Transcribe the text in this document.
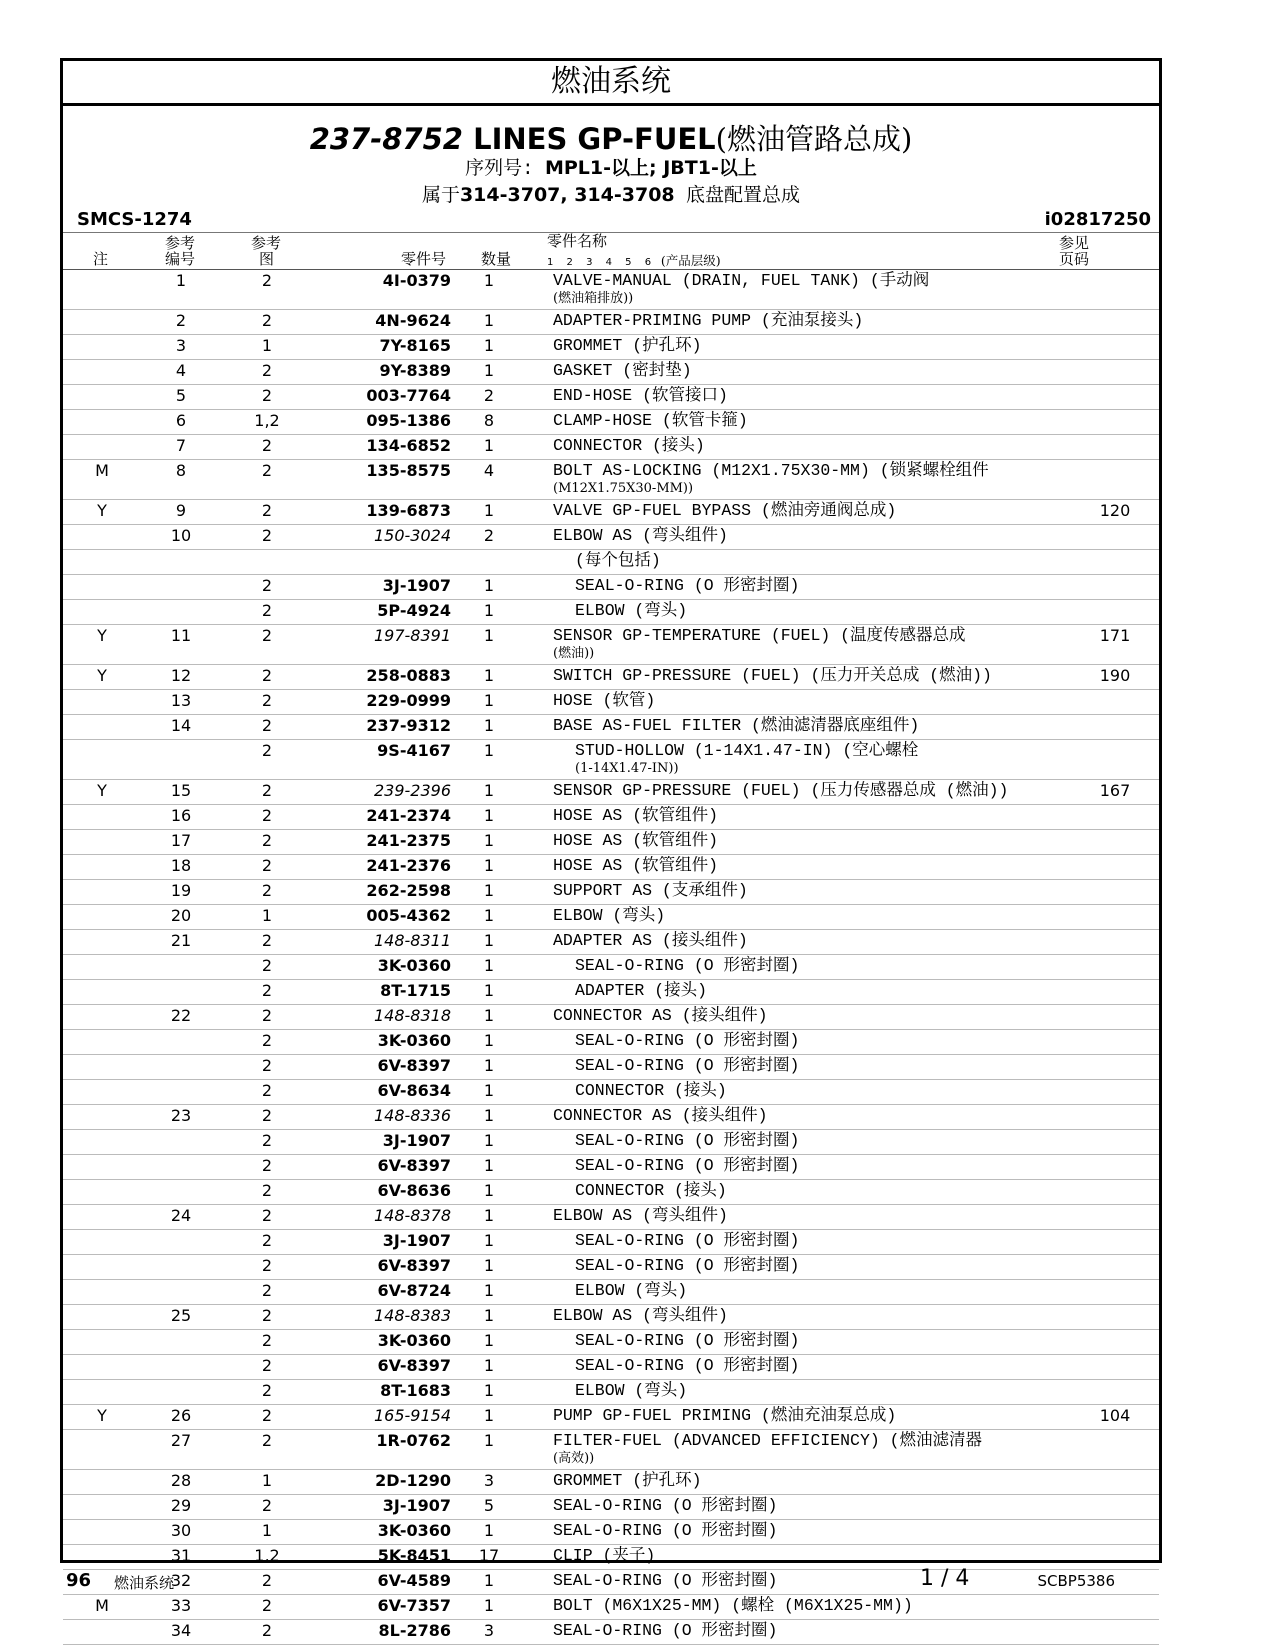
燃油系统
237-8752 LINES GP-FUEL(燃油管路总成)
序列号: MPL1-以上; JBT1-以上
属于314-3707, 314-3708 底盘配置总成
SMCS-1274	i02817250
注
参考
编号
参考
图	零件号 数量
零件名称
1 2 3 4 5 6 (产品层级)
参见
页码
	1	2	4I-0379	1	VALVE-MANUAL (DRAIN, FUEL TANK) (手动阀
(燃油箱排放))	

	2	2	4N-9624	1	ADAPTER-PRIMING PUMP (充油泵接头)	

	3	1	7Y-8165	1	GROMMET (护孔环)	

	4	2	9Y-8389	1	GASKET (密封垫)	

	5	2	003-7764	2	END-HOSE (软管接口)	

	6	1,2	095-1386	8	CLAMP-HOSE (软管卡箍)	

	7	2	134-6852	1	CONNECTOR (接头)	

M	8	2	135-8575	4	BOLT AS-LOCKING (M12X1.75X30-MM) (锁紧螺栓组件
(M12X1.75X30-MM))	

Y	9	2	139-6873	1	VALVE GP-FUEL BYPASS (燃油旁通阀总成)	120
	10	2	150-3024	2	ELBOW AS (弯头组件)	

					(每个包括)	

		2	3J-1907	1	SEAL-O-RING (O 形密封圈)	

		2	5P-4924	1	ELBOW (弯头)	

Y	11	2	197-8391	1	SENSOR GP-TEMPERATURE (FUEL) (温度传感器总成
(燃油))	171
Y	12	2	258-0883	1	SWITCH GP-PRESSURE (FUEL) (压力开关总成 (燃油))	190
	13	2	229-0999	1	HOSE (软管)	

	14	2	237-9312	1	BASE AS-FUEL FILTER (燃油滤清器底座组件)	

		2	9S-4167	1	STUD-HOLLOW (1-14X1.47-IN) (空心螺栓
(1-14X1.47-IN))	

Y	15	2	239-2396	1	SENSOR GP-PRESSURE (FUEL) (压力传感器总成 (燃油))	167
	16	2	241-2374	1	HOSE AS (软管组件)	

	17	2	241-2375	1	HOSE AS (软管组件)	

	18	2	241-2376	1	HOSE AS (软管组件)	

	19	2	262-2598	1	SUPPORT AS (支承组件)	

	20	1	005-4362	1	ELBOW (弯头)	

	21	2	148-8311	1	ADAPTER AS (接头组件)	

		2	3K-0360	1	SEAL-O-RING (O 形密封圈)	

		2	8T-1715	1	ADAPTER (接头)	

	22	2	148-8318	1	CONNECTOR AS (接头组件)	

		2	3K-0360	1	SEAL-O-RING (O 形密封圈)	

		2	6V-8397	1	SEAL-O-RING (O 形密封圈)	

		2	6V-8634	1	CONNECTOR (接头)	

	23	2	148-8336	1	CONNECTOR AS (接头组件)	

		2	3J-1907	1	SEAL-O-RING (O 形密封圈)	

		2	6V-8397	1	SEAL-O-RING (O 形密封圈)	

		2	6V-8636	1	CONNECTOR (接头)	

	24	2	148-8378	1	ELBOW AS (弯头组件)	

		2	3J-1907	1	SEAL-O-RING (O 形密封圈)	

		2	6V-8397	1	SEAL-O-RING (O 形密封圈)	

		2	6V-8724	1	ELBOW (弯头)	

	25	2	148-8383	1	ELBOW AS (弯头组件)	

		2	3K-0360	1	SEAL-O-RING (O 形密封圈)	

		2	6V-8397	1	SEAL-O-RING (O 形密封圈)	

		2	8T-1683	1	ELBOW (弯头)	

Y	26	2	165-9154	1	PUMP GP-FUEL PRIMING (燃油充油泵总成)	104
	27	2	1R-0762	1	FILTER-FUEL (ADVANCED EFFICIENCY) (燃油滤清器
(高效))	

	28	1	2D-1290	3	GROMMET (护孔环)	

	29	2	3J-1907	5	SEAL-O-RING (O 形密封圈)	

	30	1	3K-0360	1	SEAL-O-RING (O 形密封圈)	

	31	1,2	5K-8451	17	CLIP (夹子)	

	32	2	6V-4589	1	SEAL-O-RING (O 形密封圈)	

M	33	2	6V-7357	1	BOLT (M6X1X25-MM) (螺栓 (M6X1X25-MM))	

	34	2	8L-2786	3	SEAL-O-RING (O 形密封圈)	

96 燃油系统	1 / 4	SCBP5386
